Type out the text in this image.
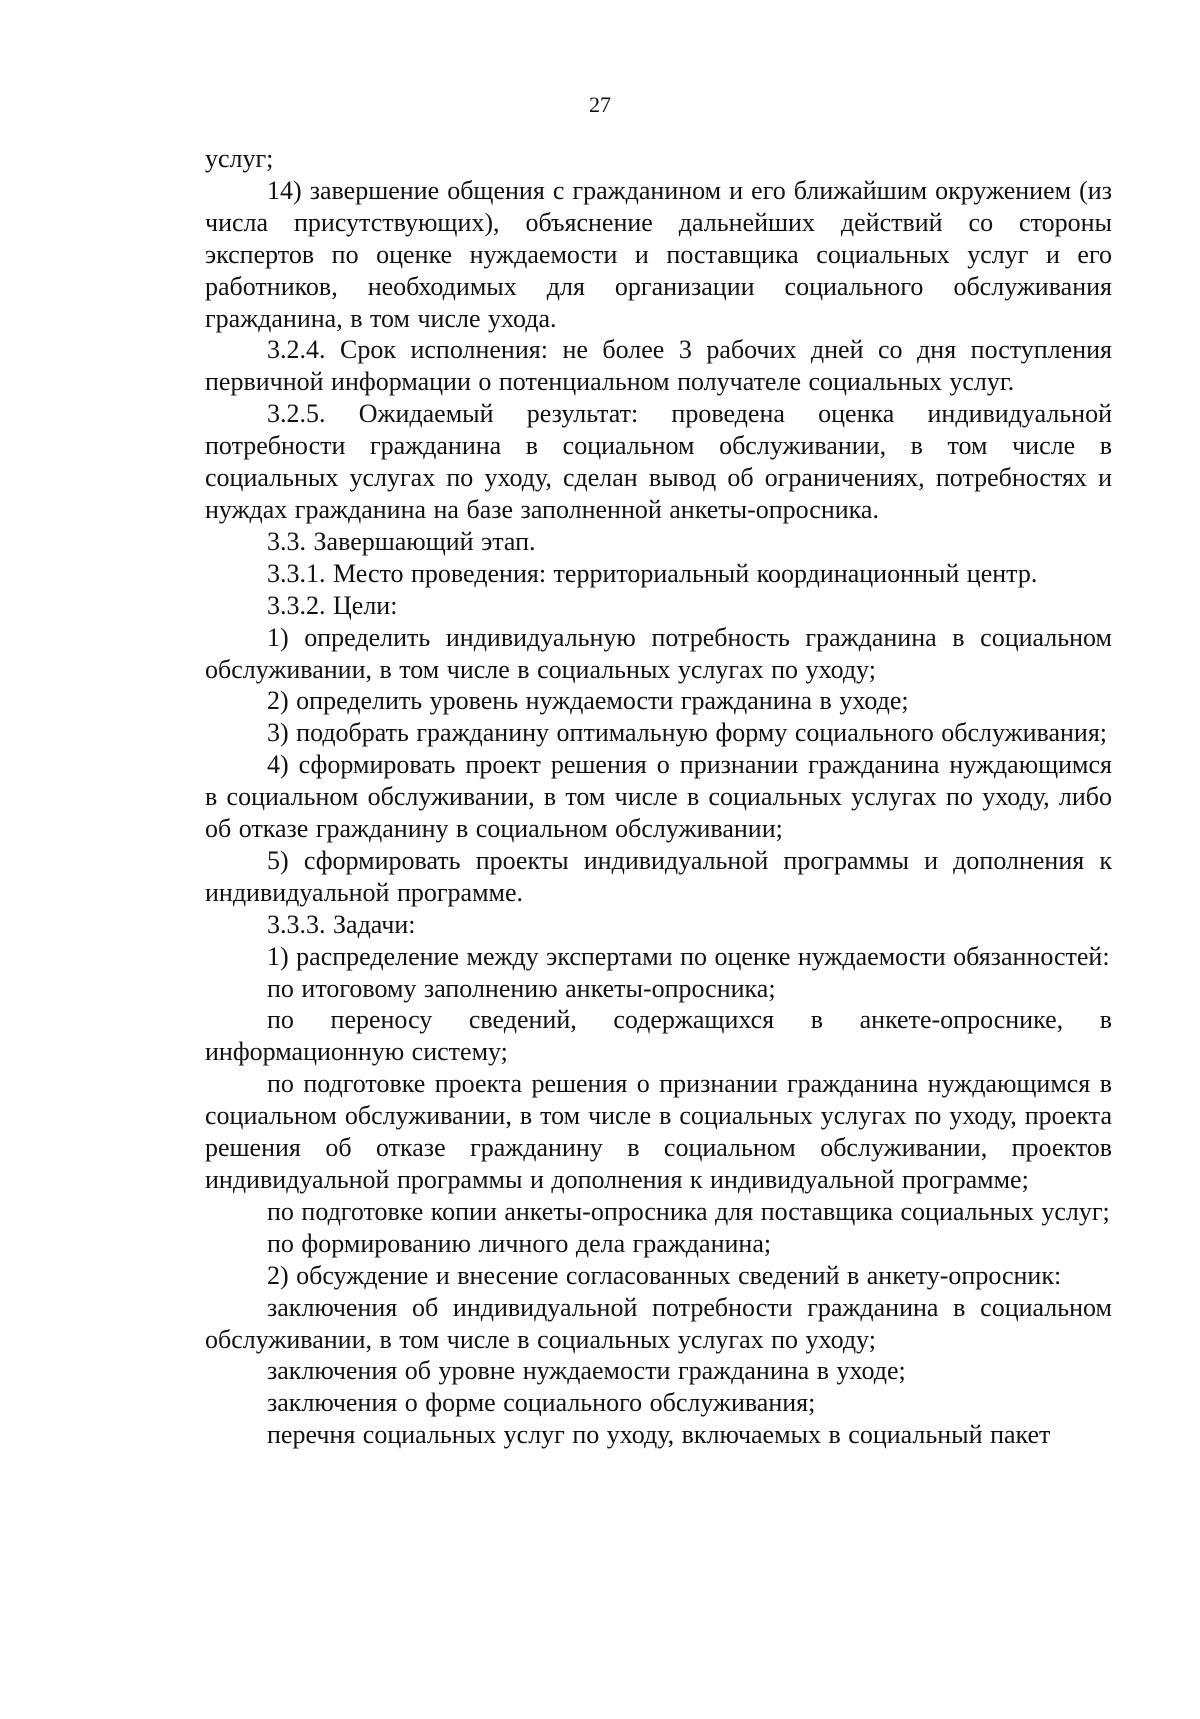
27

услуг;

14) завершение общения с гражданином и его ближайшим окружением (из числа присутствующих), объяснение дальнейших действий со стороны экспертов по оценке нуждаемости и поставщика социальных услуг и его работников, необходимых для организации социального обслуживания гражданина, в том числе ухода.

3.2.4. Срок исполнения: не более 3 рабочих дней со дня поступления первичной информации о потенциальном получателе социальных услуг.

3.2.5. Ожидаемый результат: проведена оценка индивидуальной потребности гражданина в социальном обслуживании, в том числе в социальных услугах по уходу, сделан вывод об ограничениях, потребностях и нуждах гражданина на базе заполненной анкеты-опросника.

3.3. Завершающий этап.

3.3.1. Место проведения: территориальный координационный центр.

3.3.2. Цели:

1) определить индивидуальную потребность гражданина в социальном обслуживании, в том числе в социальных услугах по уходу;

2) определить уровень нуждаемости гражданина в уходе;

3) подобрать гражданину оптимальную форму социального обслуживания;

4) сформировать проект решения о признании гражданина нуждающимся в социальном обслуживании, в том числе в социальных услугах по уходу, либо об отказе гражданину в социальном обслуживании;

5) сформировать проекты индивидуальной программы и дополнения к индивидуальной программе.

3.3.3. Задачи:

1) распределение между экспертами по оценке нуждаемости обязанностей:

по итоговому заполнению анкеты-опросника;

по переносу сведений, содержащихся в анкете-опроснике, в информационную систему;

по подготовке проекта решения о признании гражданина нуждающимся в социальном обслуживании, в том числе в социальных услугах по уходу, проекта решения об отказе гражданину в социальном обслуживании, проектов индивидуальной программы и дополнения к индивидуальной программе;

по подготовке копии анкеты-опросника для поставщика социальных услуг;

по формированию личного дела гражданина;

2) обсуждение и внесение согласованных сведений в анкету-опросник:

заключения об индивидуальной потребности гражданина в социальном обслуживании, в том числе в социальных услугах по уходу;

заключения об уровне нуждаемости гражданина в уходе;

заключения о форме социального обслуживания;

перечня социальных услуг по уходу, включаемых в социальный пакет
